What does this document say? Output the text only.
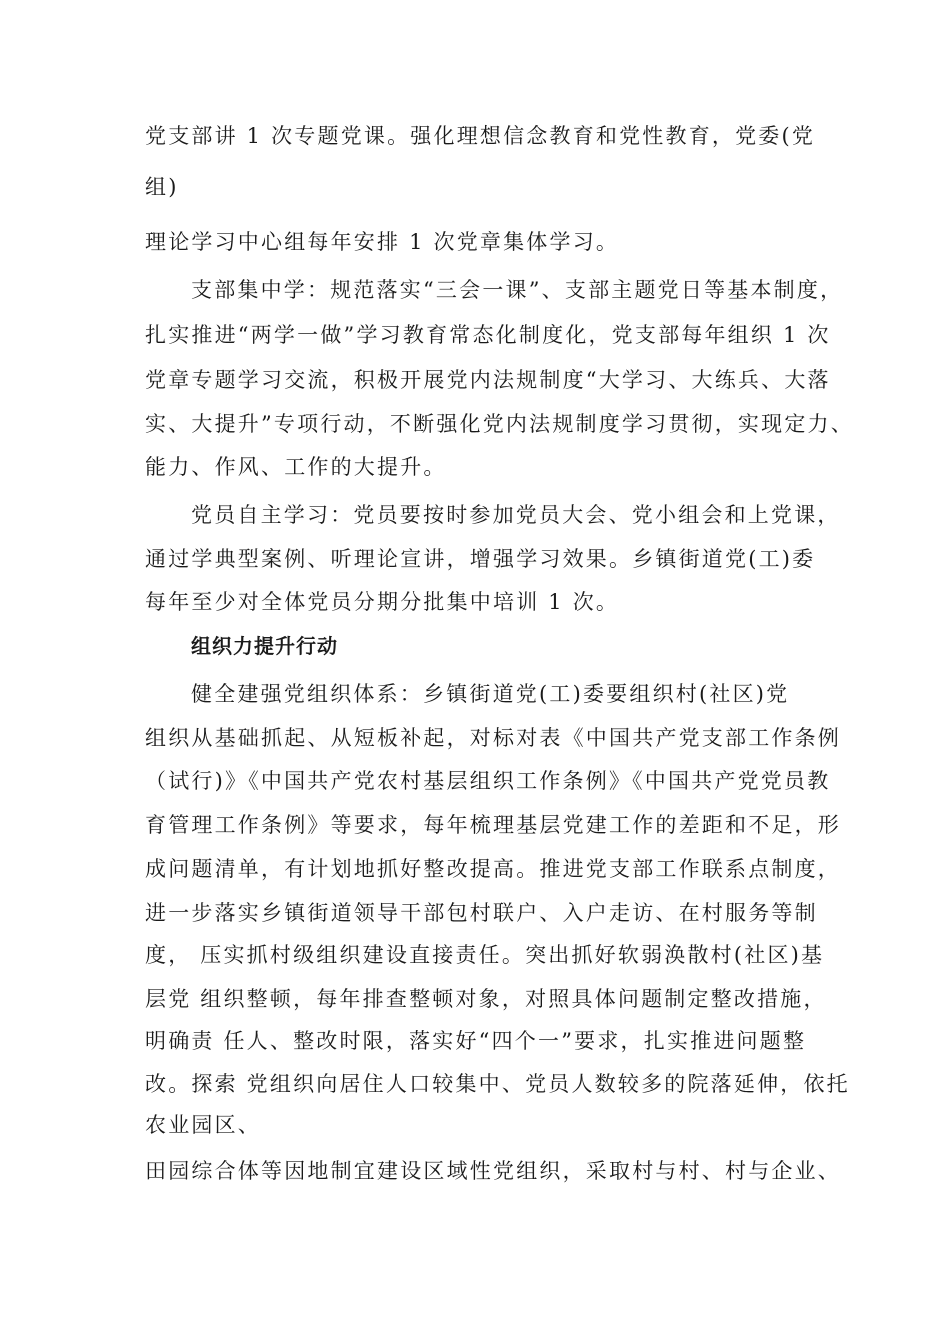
党支部讲 1 次专题党课。强化理想信念教育和党性教育，党委(党
组)
理论学习中心组每年安排 1 次党章集体学习。
支部集中学：规范落实“三会一课”、支部主题党日等基本制度，
扎实推进“两学一做”学习教育常态化制度化，党支部每年组织 1 次
党章专题学习交流，积极开展党内法规制度“大学习、大练兵、大落
实、大提升”专项行动，不断强化党内法规制度学习贯彻，实现定力、
能力、作风、工作的大提升。
党员自主学习：党员要按时参加党员大会、党小组会和上党课，
通过学典型案例、听理论宣讲，增强学习效果。乡镇街道党(工)委
每年至少对全体党员分期分批集中培训 1 次。
组织力提升行动
健全建强党组织体系：乡镇街道党(工)委要组织村(社区)党
组织从基础抓起、从短板补起，对标对表《中国共产党支部工作条例
（试行)》《中国共产党农村基层组织工作条例》《中国共产党党员教
育管理工作条例》等要求，每年梳理基层党建工作的差距和不足，形
成问题清单，有计划地抓好整改提高。推进党支部工作联系点制度，
进一步落实乡镇街道领导干部包村联户、入户走访、在村服务等制
度， 压实抓村级组织建设直接责任。突出抓好软弱涣散村(社区)基
层党 组织整顿，每年排查整顿对象，对照具体问题制定整改措施，
明确责 任人、整改时限，落实好“四个一”要求，扎实推进问题整
改。探索 党组织向居住人口较集中、党员人数较多的院落延伸，依托
农业园区、
田园综合体等因地制宜建设区域性党组织，采取村与村、村与企业、
